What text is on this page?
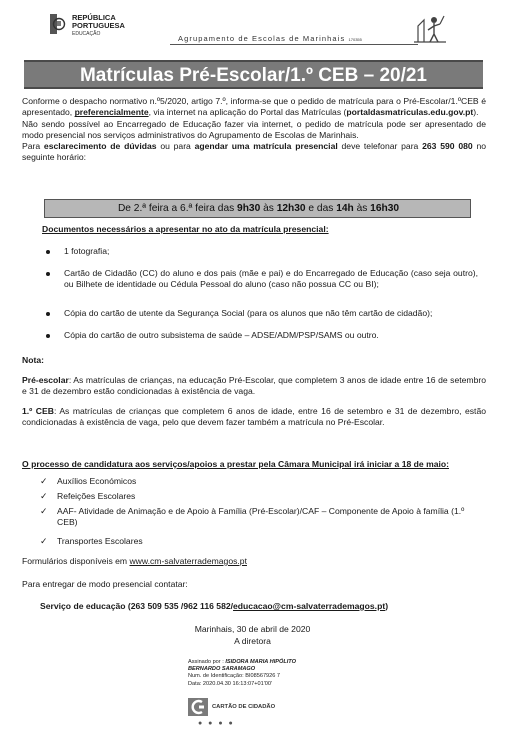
REPÚBLICA
PORTUGUESA
EDUCAÇÃO	Agrupamento de Escolas de Marinhais 170355
Matrículas Pré-Escolar/1.º CEB – 20/21
Conforme o despacho normativo n.º5/2020, artigo 7.º, informa-se que o pedido de matrícula para o Pré-Escolar/1.ºCEB é apresentado, preferencialmente, via internet na aplicação do Portal das Matrículas (portaldasmatriculas.edu.gov.pt).
Não sendo possível ao Encarregado de Educação fazer via internet, o pedido de matrícula pode ser apresentado de modo presencial nos serviços administrativos do Agrupamento de Escolas de Marinhais.
Para esclarecimento de dúvidas ou para agendar uma matrícula presencial deve telefonar para 263 590 080 no seguinte horário:
De 2.ª feira a 6.ª feira das 9h30 às 12h30 e das 14h às 16h30
Documentos necessários a apresentar no ato da matrícula presencial:
1 fotografia;
Cartão de Cidadão (CC) do aluno e dos pais (mãe e pai) e do Encarregado de Educação (caso seja outro), ou Bilhete de identidade ou Cédula Pessoal do aluno (caso não possua CC ou BI);
Cópia do cartão de utente da Segurança Social (para os alunos que não têm cartão de cidadão);
Cópia do cartão de outro subsistema de saúde – ADSE/ADM/PSP/SAMS ou outro.
Nota:
Pré-escolar: As matrículas de crianças, na educação Pré-Escolar, que completem 3 anos de idade entre 16 de setembro e 31 de dezembro estão condicionadas à existência de vaga.
1.º CEB: As matrículas de crianças que completem 6 anos de idade, entre 16 de setembro e 31 de dezembro, estão condicionadas à existência de vaga, pelo que devem fazer também a matrícula no Pré-Escolar.
O processo de candidatura aos serviços/apoios a prestar pela Câmara Municipal irá iniciar a 18 de maio:
✓ Auxílios Económicos
✓ Refeições Escolares
✓ AAF- Atividade de Animação e de Apoio à Família (Pré-Escolar)/CAF – Componente de Apoio à família (1.º CEB)
✓ Transportes Escolares
Formulários disponíveis em www.cm-salvaterrademagos.pt
Para entregar de modo presencial contatar:
Serviço de educação (263 509 535 /962 116 582/educacao@cm-salvaterrademagos.pt)
Marinhais, 30 de abril de 2020
A diretora
Assinado por : ISIDORA MARIA HIPÓLITO
BERNARDO SARAMAGO
Num. de Identificação: BI08567926 7
Data: 2020.04.30 16:13:07+01'00'
CARTÃO DE CIDADÃO
● ● ● ●
